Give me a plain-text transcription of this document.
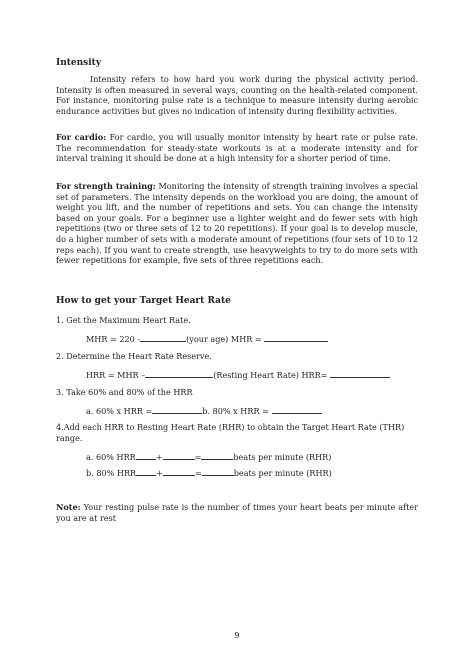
Intensity

Intensity refers to how hard you work during the physical activity period. Intensity is often measured in several ways, counting on the health-related component. For instance, monitoring pulse rate is a technique to measure intensity during aerobic endurance activities but gives no indication of intensity during flexibility activities.

For cardio: For cardio, you will usually monitor intensity by heart rate or pulse rate. The recommendation for steady-state workouts is at a moderate intensity and for interval training it should be done at a high intensity for a shorter period of time.

For strength training: Monitoring the intensity of strength training involves a special set of parameters. The intensity depends on the workload you are doing, the amount of weight you lift, and the number of repetitions and sets. You can change the intensity based on your goals. For a beginner use a lighter weight and do fewer sets with high repetitions (two or three sets of 12 to 20 repetitions). If your goal is to develop muscle, do a higher number of sets with a moderate amount of repetitions (four sets of 10 to 12 reps each). If you want to create strength, use heavyweights to try to do more sets with fewer repetitions for example, five sets of three repetitions each.

How to get your Target Heart Rate

1. Get the Maximum Heart Rate.

MHR = 220 -	(your age) MHR =

2. Determine the Heart Rate Reserve.

HRR = MHR –	(Resting Heart Rate) HRR=

3. Take 60% and 80% of the HRR

a. 60% x HRR =	b. 80% x HRR =

4.Add each HRR to Resting Heart Rate (RHR) to obtain the Target Heart Rate (THR)

range.

a. 60% HRR +	=	beats per minute (RHR)

b. 80% HRR +	=	beats per minute (RHR)

Note: Your resting pulse rate is the number of times your heart beats per minute after you are at rest

9
